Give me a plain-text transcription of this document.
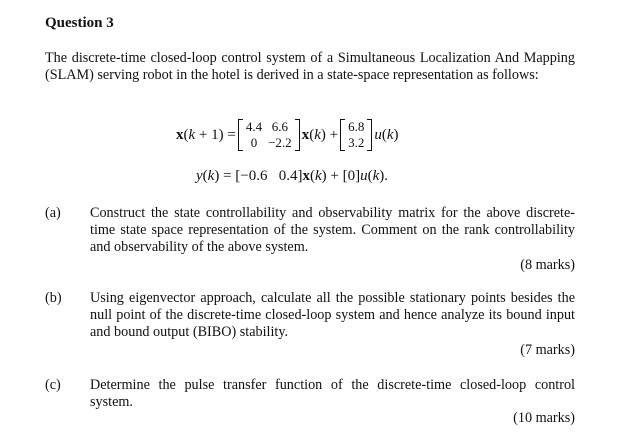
Question 3
The discrete-time closed-loop control system of a Simultaneous Localization And Mapping (SLAM) serving robot in the hotel is derived in a state-space representation as follows:
x(k + 1) = 4.4	6.6
0	−2.2 x(k) + 6.8
3.2 u(k)
y(k) = [−0.6   0.4]x(k) + [0]u(k).
(a)	Construct the state controllability and observability matrix for the above discrete-time state space representation of the system. Comment on the rank controllability and observability of the above system.
(8 marks)
(b)	Using eigenvector approach, calculate all the possible stationary points besides the null point of the discrete-time closed-loop system and hence analyze its bound input and bound output (BIBO) stability.
(7 marks)
(c)	Determine the pulse transfer function of the discrete-time closed-loop control system.
(10 marks)
